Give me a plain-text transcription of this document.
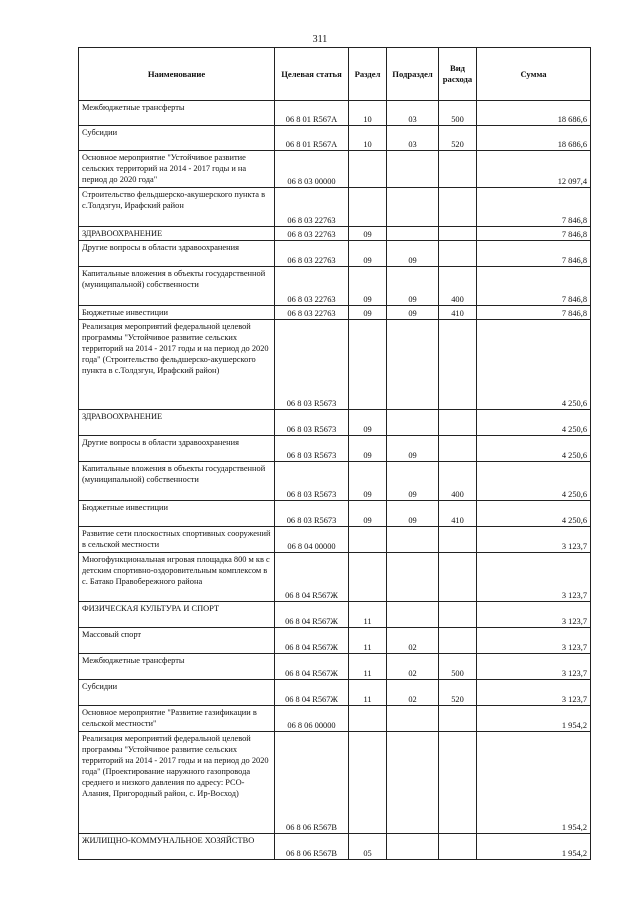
311
Наименование	Целевая статья	Раздел	Подраздел	Вид расхода	Сумма
Межбюджетные трансферты	06 8 01 R567А	10	03	500	18 686,6
Субсидии	06 8 01 R567А	10	03	520	18 686,6
Основное мероприятие "Устойчивое развитие сельских территорий на 2014 - 2017 годы и на период до 2020 года"	06 8 03 00000				12 097,4
Строительство фельдшерско-акушерского пункта в с.Толдзгун, Ирафский район	06 8 03 22763				7 846,8
ЗДРАВООХРАНЕНИЕ	06 8 03 22763	09			7 846,8
Другие вопросы в области здравоохранения	06 8 03 22763	09	09		7 846,8
Капитальные вложения в объекты государственной (муниципальной) собственности	06 8 03 22763	09	09	400	7 846,8
Бюджетные инвестиции	06 8 03 22763	09	09	410	7 846,8
Реализация мероприятий федеральной целевой программы "Устойчивое развитие сельских территорий на 2014 - 2017 годы и на период до 2020 года" (Строительство фельдшерско-акушерского пункта в с.Толдзгун, Ирафский район)	06 8 03 R5673				4 250,6
ЗДРАВООХРАНЕНИЕ	06 8 03 R5673	09			4 250,6
Другие вопросы в области здравоохранения	06 8 03 R5673	09	09		4 250,6
Капитальные вложения в объекты государственной (муниципальной) собственности	06 8 03 R5673	09	09	400	4 250,6
Бюджетные инвестиции	06 8 03 R5673	09	09	410	4 250,6
Развитие сети плоскостных спортивных сооружений в сельской местности	06 8 04 00000				3 123,7
Многофункциональная игровая площадка 800 м кв с детским спортивно-оздоровительным комплексом в с. Батако Правобережного района	06 8 04 R567Ж				3 123,7
ФИЗИЧЕСКАЯ КУЛЬТУРА И СПОРТ	06 8 04 R567Ж	11			3 123,7
Массовый спорт	06 8 04 R567Ж	11	02		3 123,7
Межбюджетные трансферты	06 8 04 R567Ж	11	02	500	3 123,7
Субсидии	06 8 04 R567Ж	11	02	520	3 123,7
Основное мероприятие "Развитие газификации в сельской местности"	06 8 06 00000				1 954,2
Реализация мероприятий федеральной целевой программы "Устойчивое развитие сельских территорий на 2014 - 2017 годы и на период до 2020 года" (Проектирование наружного газопровода среднего и низкого давления по адресу: РСО-Алания, Пригородный район, с. Ир-Восход)	06 8 06 R567В				1 954,2
ЖИЛИЩНО-КОММУНАЛЬНОЕ ХОЗЯЙСТВО	06 8 06 R567В	05			1 954,2
